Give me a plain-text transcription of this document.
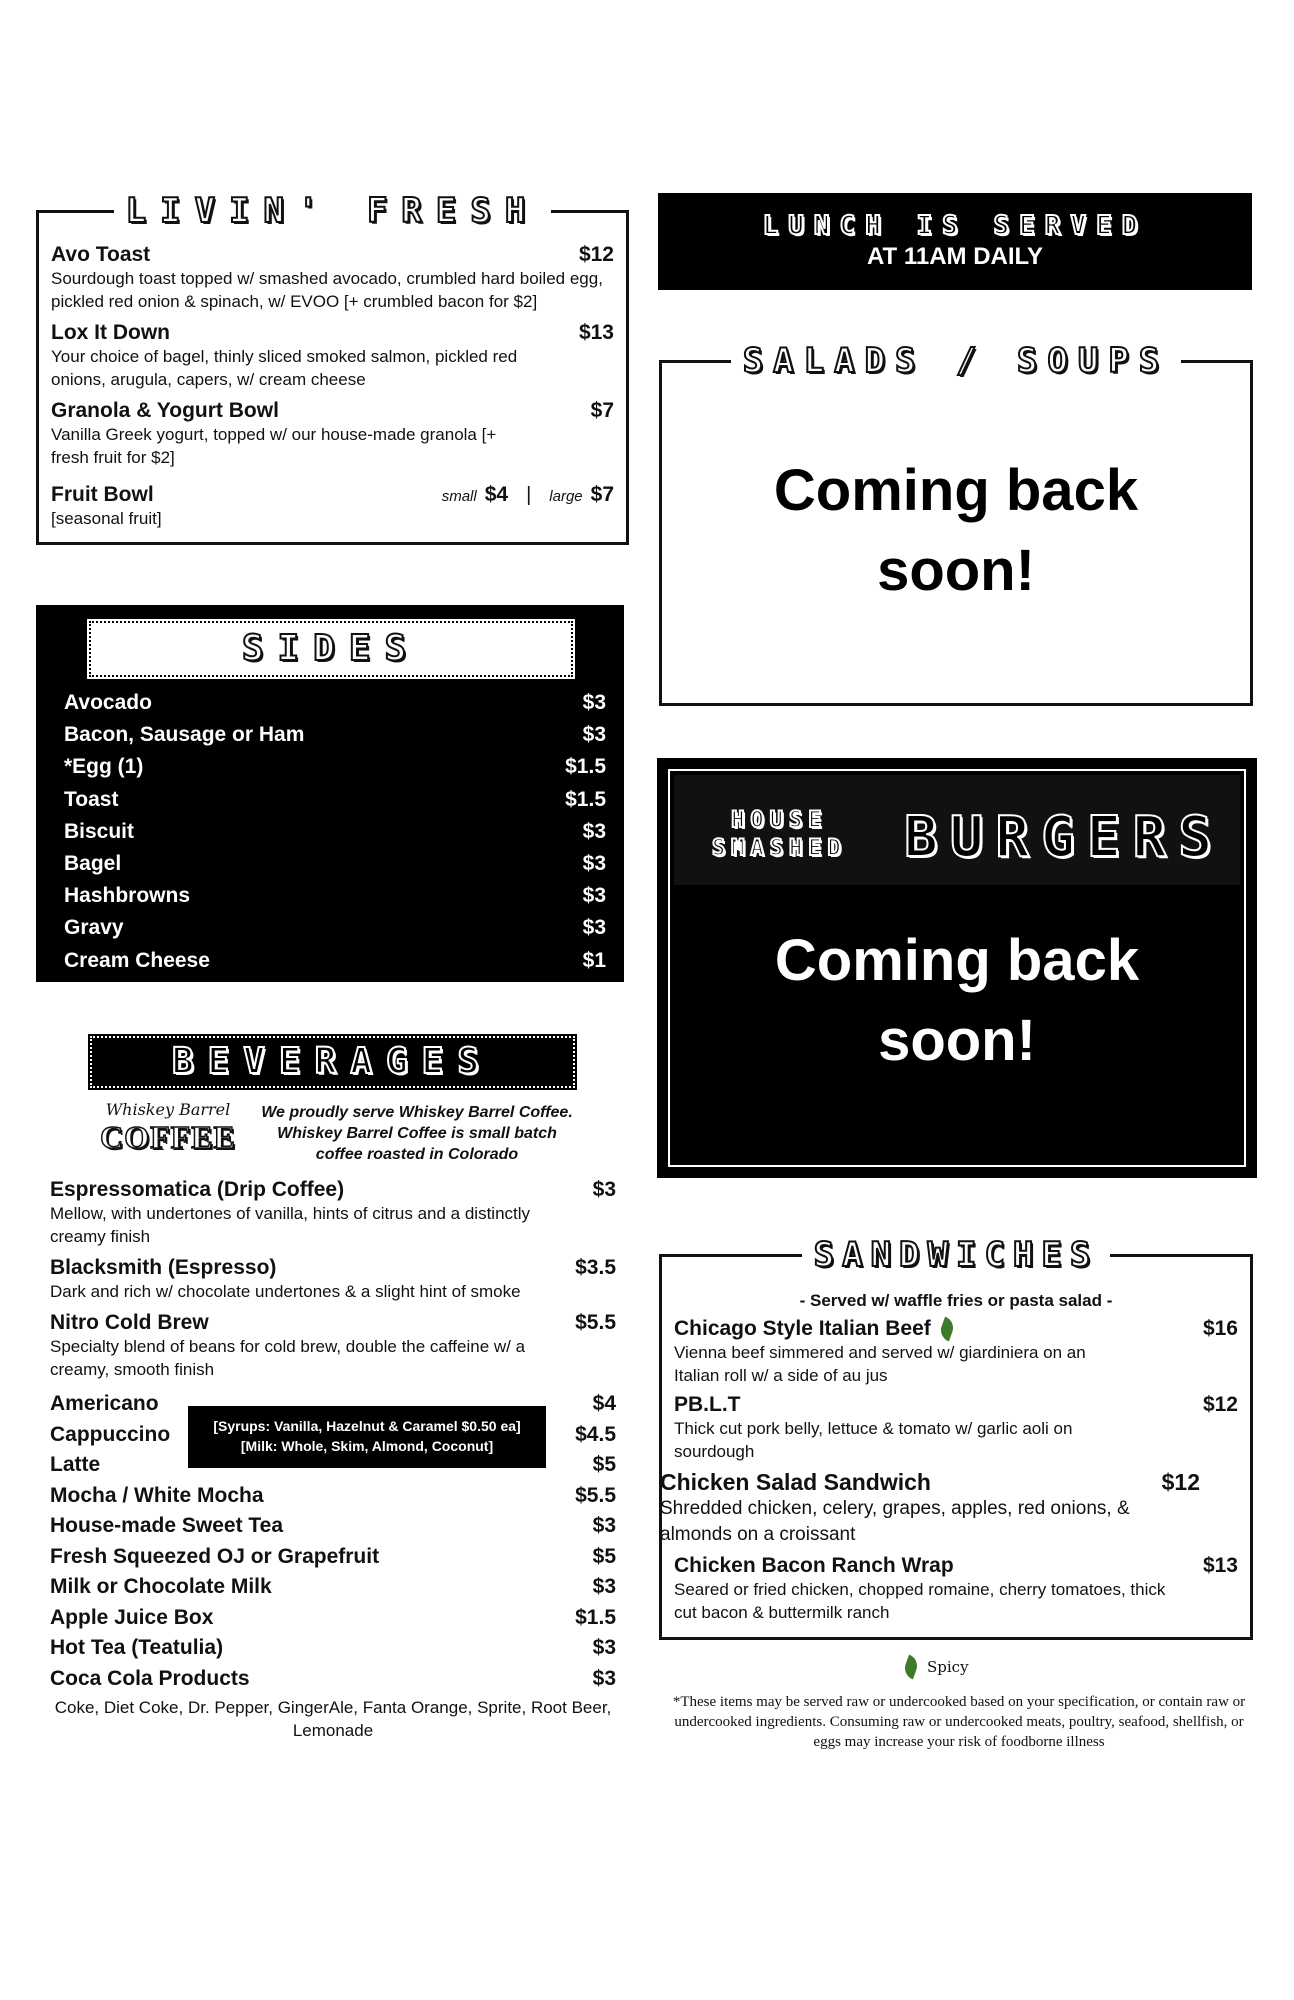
LIVIN' FRESH
Avo Toast	$12
Sourdough toast topped w/ smashed avocado, crumbled hard boiled egg, pickled red onion & spinach, w/ EVOO [+ crumbled bacon for $2]
Lox It Down	$13
Your choice of bagel, thinly sliced smoked salmon, pickled red onions, arugula, capers, w/ cream cheese
Granola & Yogurt Bowl	$7
Vanilla Greek yogurt, topped w/ our house-made granola [+ fresh fruit for $2]
Fruit Bowl	small $4 | large $7
[seasonal fruit]
SIDES
Avocado	$3
Bacon, Sausage or Ham	$3
*Egg (1)	$1.5
Toast	$1.5
Biscuit	$3
Bagel	$3
Hashbrowns	$3
Gravy	$3
Cream Cheese	$1
BEVERAGES
Whiskey Barrel
COFFEE
We proudly serve Whiskey Barrel Coffee. Whiskey Barrel Coffee is small batch coffee roasted in Colorado
Espressomatica (Drip Coffee)	$3
Mellow, with undertones of vanilla, hints of citrus and a distinctly creamy finish
Blacksmith (Espresso)	$3.5
Dark and rich w/ chocolate undertones & a slight hint of smoke
Nitro Cold Brew	$5.5
Specialty blend of beans for cold brew, double the caffeine w/ a creamy, smooth finish
Americano	$4
Cappuccino	$4.5
Latte	$5
Mocha / White Mocha	$5.5
House-made Sweet Tea	$3
Fresh Squeezed OJ or Grapefruit	$5
Milk or Chocolate Milk	$3
Apple Juice Box	$1.5
Hot Tea (Teatulia)	$3
Coca Cola Products	$3
[Syrups: Vanilla, Hazelnut & Caramel $0.50 ea]
[Milk: Whole, Skim, Almond, Coconut]
Coke, Diet Coke, Dr. Pepper, GingerAle, Fanta Orange, Sprite, Root Beer, Lemonade
LUNCH IS SERVED
AT 11AM DAILY
SALADS / SOUPS
Coming back soon!
HOUSE
SMASHED BURGERS
Coming back soon!
SANDWICHES
- Served w/ waffle fries or pasta salad -
Chicago Style Italian Beef	$16
Vienna beef simmered and served w/ giardiniera on an Italian roll w/ a side of au jus
PB.L.T	$12
Thick cut pork belly, lettuce & tomato w/ garlic aoli on sourdough
Chicken Salad Sandwich	$12
Shredded chicken, celery, grapes, apples, red onions, & almonds on a croissant
Chicken Bacon Ranch Wrap	$13
Seared or fried chicken, chopped romaine, cherry tomatoes, thick cut bacon & buttermilk ranch
Spicy
*These items may be served raw or undercooked based on your specification, or contain raw or undercooked ingredients. Consuming raw or undercooked meats, poultry, seafood, shellfish, or eggs may increase your risk of foodborne illness
